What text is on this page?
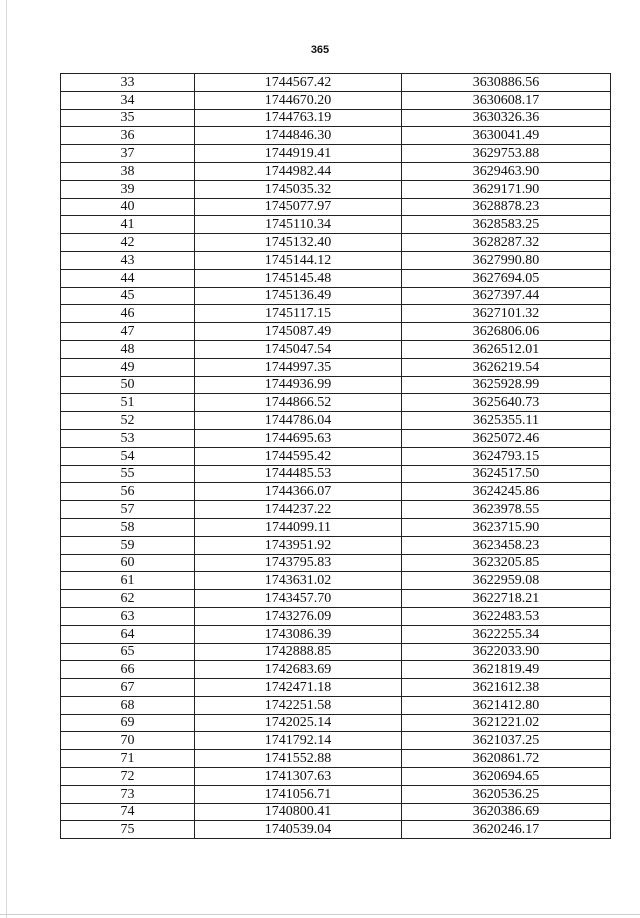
365
33	1744567.42	3630886.56
34	1744670.20	3630608.17
35	1744763.19	3630326.36
36	1744846.30	3630041.49
37	1744919.41	3629753.88
38	1744982.44	3629463.90
39	1745035.32	3629171.90
40	1745077.97	3628878.23
41	1745110.34	3628583.25
42	1745132.40	3628287.32
43	1745144.12	3627990.80
44	1745145.48	3627694.05
45	1745136.49	3627397.44
46	1745117.15	3627101.32
47	1745087.49	3626806.06
48	1745047.54	3626512.01
49	1744997.35	3626219.54
50	1744936.99	3625928.99
51	1744866.52	3625640.73
52	1744786.04	3625355.11
53	1744695.63	3625072.46
54	1744595.42	3624793.15
55	1744485.53	3624517.50
56	1744366.07	3624245.86
57	1744237.22	3623978.55
58	1744099.11	3623715.90
59	1743951.92	3623458.23
60	1743795.83	3623205.85
61	1743631.02	3622959.08
62	1743457.70	3622718.21
63	1743276.09	3622483.53
64	1743086.39	3622255.34
65	1742888.85	3622033.90
66	1742683.69	3621819.49
67	1742471.18	3621612.38
68	1742251.58	3621412.80
69	1742025.14	3621221.02
70	1741792.14	3621037.25
71	1741552.88	3620861.72
72	1741307.63	3620694.65
73	1741056.71	3620536.25
74	1740800.41	3620386.69
75	1740539.04	3620246.17
